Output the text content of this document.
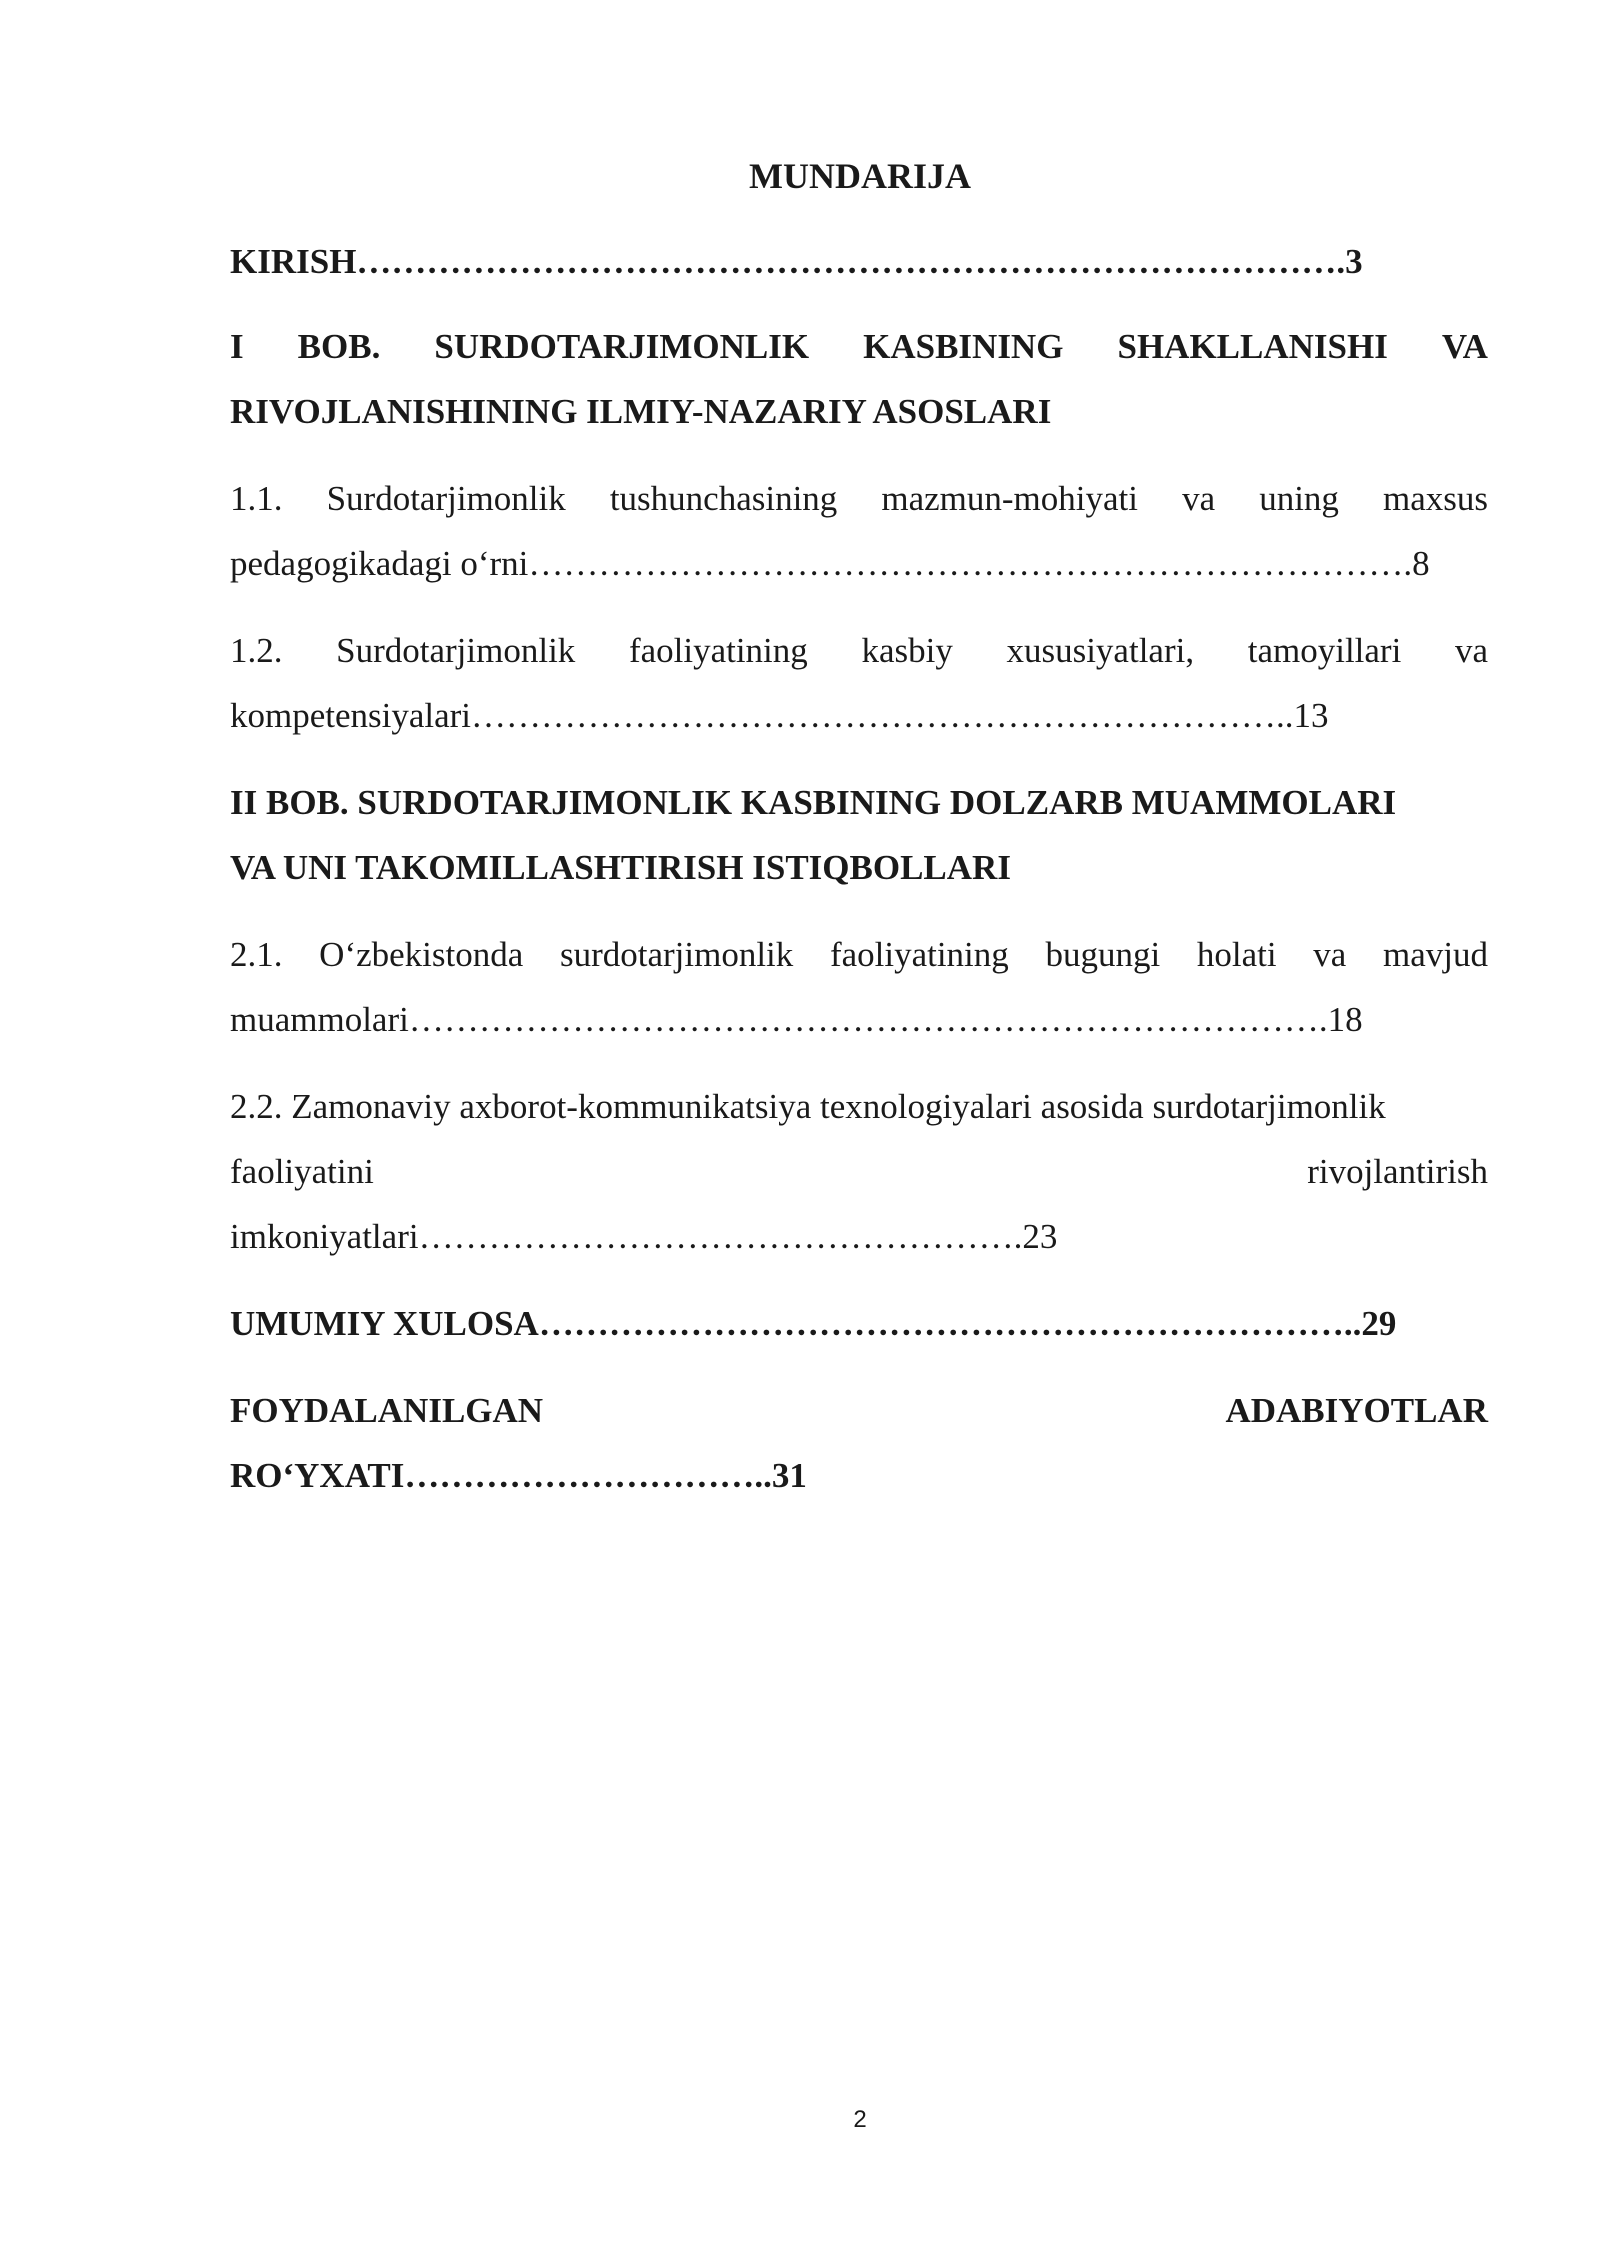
MUNDARIJA
KIRISH………………………………………………………………………….3
I BOB. SURDOTARJIMONLIK KASBINING SHAKLLANISHI VA
RIVOJLANISHINING ILMIY-NAZARIY ASOSLARI
1.1. Surdotarjimonlik tushunchasining mazmun-mohiyati va uning maxsus
pedagogikadagi o‘rni………………………………………………………………….8
1.2. Surdotarjimonlik faoliyatining kasbiy xususiyatlari, tamoyillari va
kompetensiyalari……………………………………………………………..13
II BOB. SURDOTARJIMONLIK KASBINING DOLZARB MUAMMOLARI
VA UNI TAKOMILLASHTIRISH ISTIQBOLLARI
2.1. O‘zbekistonda surdotarjimonlik faoliyatining bugungi holati va mavjud
muammolari…………………………………………………………………….18
2.2. Zamonaviy axborot-kommunikatsiya texnologiyalari asosida surdotarjimonlik
faoliyatini	rivojlantirish
imkoniyatlari…………………………………………….23
UMUMIY XULOSA……………………………………………………………..29
FOYDALANILGAN	ADABIYOTLAR
RO‘YXATI…………………………..31
2
